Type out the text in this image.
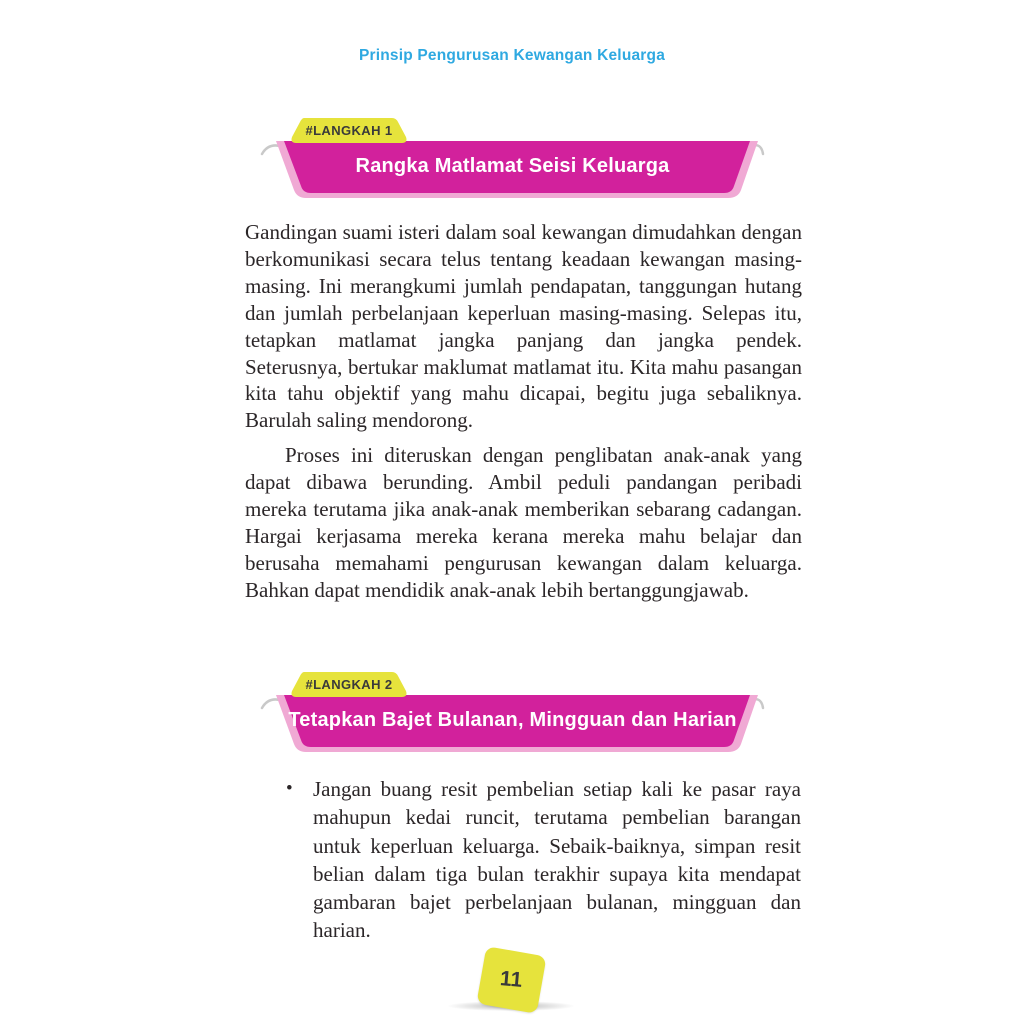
Prinsip Pengurusan Kewangan Keluarga
#LANGKAH 1
Rangka Matlamat Seisi Keluarga

Gandingan suami isteri dalam soal kewangan dimudahkan dengan berkomunikasi secara telus tentang keadaan kewangan masing-masing. Ini merangkumi jumlah pendapatan, tanggungan hutang dan jumlah perbelanjaan keperluan masing-masing. Selepas itu, tetapkan matlamat jangka panjang dan jangka pendek. Seterusnya, bertukar maklumat matlamat itu. Kita mahu pasangan kita tahu objektif yang mahu dicapai, begitu juga sebaliknya. Barulah saling mendorong.

Proses ini diteruskan dengan penglibatan anak-anak yang dapat dibawa berunding. Ambil peduli pandangan peribadi mereka terutama jika anak-anak memberikan sebarang cadangan. Hargai kerjasama mereka kerana mereka mahu belajar dan berusaha memahami pengurusan kewangan dalam keluarga. Bahkan dapat mendidik anak-anak lebih bertanggungjawab.

#LANGKAH 2
Tetapkan Bajet Bulanan, Mingguan dan Harian
• Jangan buang resit pembelian setiap kali ke pasar raya mahupun kedai runcit, terutama pembelian barangan untuk keperluan keluarga. Sebaik-baiknya, simpan resit belian dalam tiga bulan terakhir supaya kita mendapat gambaran bajet perbelanjaan bulanan, mingguan dan harian.
11
